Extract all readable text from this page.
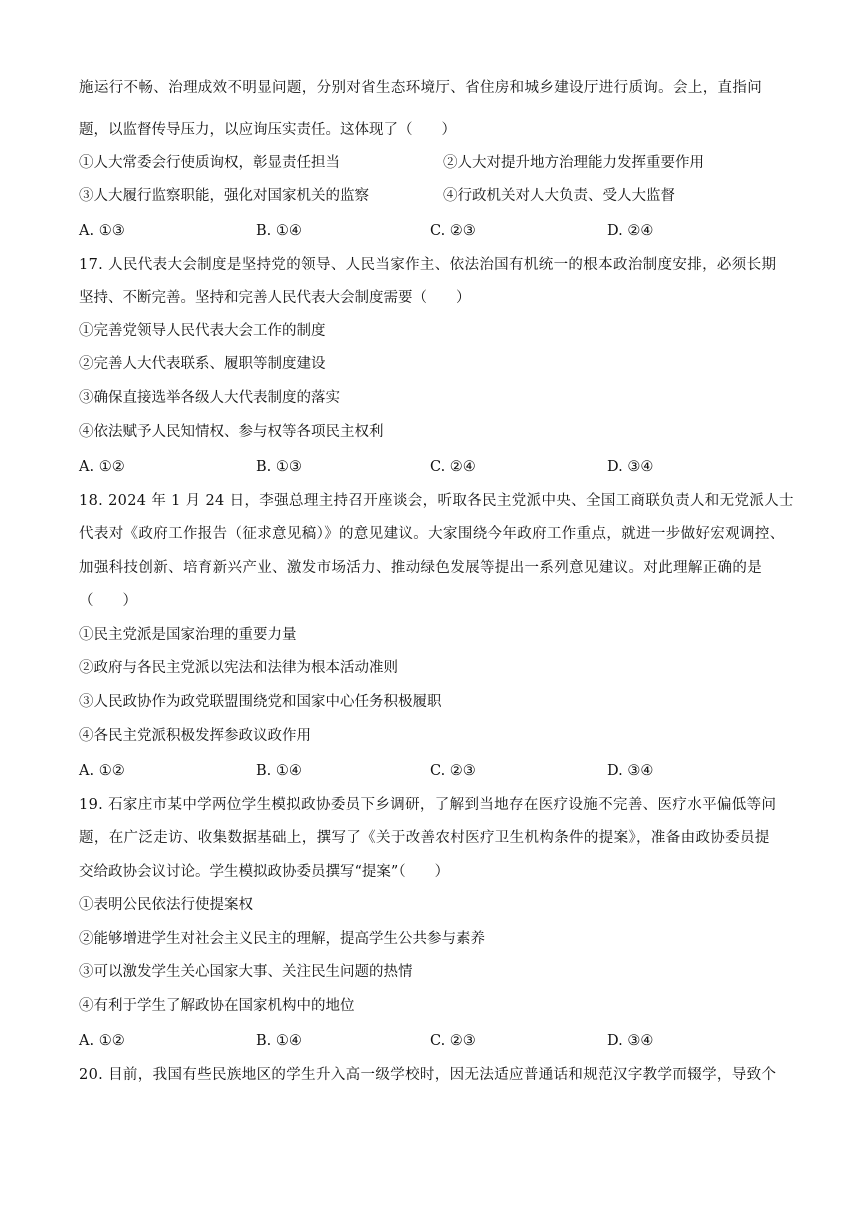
施运行不畅、治理成效不明显问题，分别对省生态环境厅、省住房和城乡建设厅进行质询。会上，直指问
题，以监督传导压力，以应询压实责任。这体现了（　　）
①人大常委会行使质询权，彰显责任担当	②人大对提升地方治理能力发挥重要作用
③人大履行监察职能，强化对国家机关的监察	④行政机关对人大负责、受人大监督
A. ①③	B. ①④	C. ②③	D. ②④
17. 人民代表大会制度是坚持党的领导、人民当家作主、依法治国有机统一的根本政治制度安排，必须长期
坚持、不断完善。坚持和完善人民代表大会制度需要（　　）
①完善党领导人民代表大会工作的制度
②完善人大代表联系、履职等制度建设
③确保直接选举各级人大代表制度的落实
④依法赋予人民知情权、参与权等各项民主权利
A. ①②	B. ①③	C. ②④	D. ③④
18. 2024 年 1 月 24 日，李强总理主持召开座谈会，听取各民主党派中央、全国工商联负责人和无党派人士
代表对《政府工作报告（征求意见稿）》的意见建议。大家围绕今年政府工作重点，就进一步做好宏观调控、
加强科技创新、培育新兴产业、激发市场活力、推动绿色发展等提出一系列意见建议。对此理解正确的是
（　　）
①民主党派是国家治理的重要力量
②政府与各民主党派以宪法和法律为根本活动准则
③人民政协作为政党联盟围绕党和国家中心任务积极履职
④各民主党派积极发挥参政议政作用
A. ①②	B. ①④	C. ②③	D. ③④
19. 石家庄市某中学两位学生模拟政协委员下乡调研，了解到当地存在医疗设施不完善、医疗水平偏低等问
题，在广泛走访、收集数据基础上，撰写了《关于改善农村医疗卫生机构条件的提案》，准备由政协委员提
交给政协会议讨论。学生模拟政协委员撰写“提案”（　　）
①表明公民依法行使提案权
②能够增进学生对社会主义民主的理解，提高学生公共参与素养
③可以激发学生关心国家大事、关注民生问题的热情
④有利于学生了解政协在国家机构中的地位
A. ①②	B. ①④	C. ②③	D. ③④
20. 目前，我国有些民族地区的学生升入高一级学校时，因无法适应普通话和规范汉字教学而辍学，导致个
